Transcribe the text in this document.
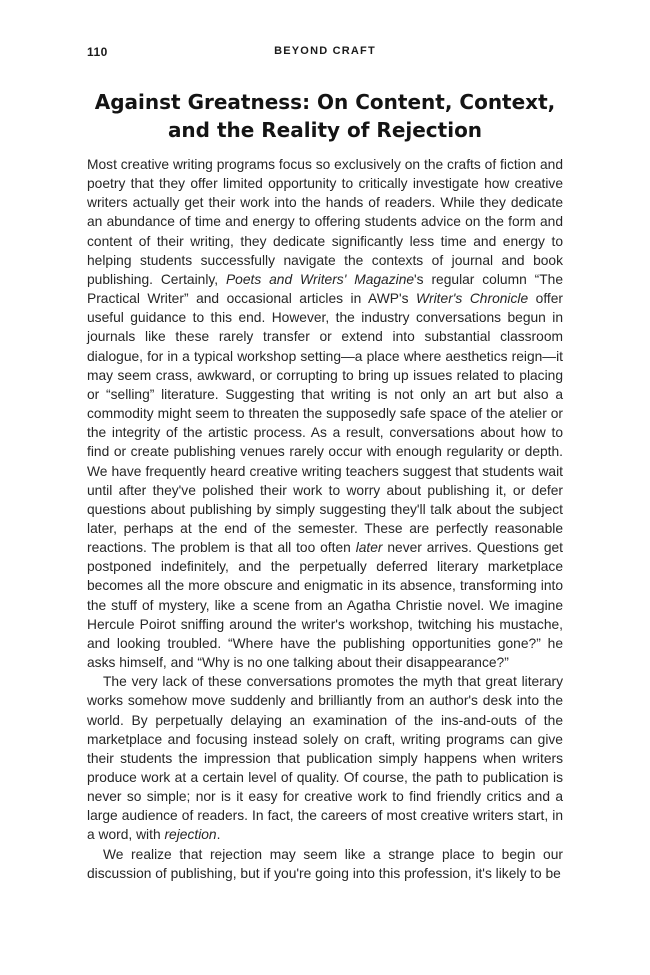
110	BEYOND CRAFT
Against Greatness: On Content, Context,
and the Reality of Rejection

Most creative writing programs focus so exclusively on the crafts of fiction and poetry that they offer limited opportunity to critically investigate how creative writers actually get their work into the hands of readers. While they dedicate an abundance of time and energy to offering students advice on the form and content of their writing, they dedicate significantly less time and energy to helping students successfully navigate the contexts of journal and book publishing. Certainly, Poets and Writers' Magazine's regular column “The Practical Writer” and occasional articles in AWP's Writer's Chronicle offer useful guidance to this end. However, the industry conversations begun in journals like these rarely transfer or extend into substantial classroom dialogue, for in a typical workshop setting—a place where aesthetics reign—it may seem crass, awkward, or corrupting to bring up issues related to placing or “selling” literature. Suggesting that writing is not only an art but also a commodity might seem to threaten the supposedly safe space of the atelier or the integrity of the artistic process. As a result, conversations about how to find or create publishing venues rarely occur with enough regularity or depth. We have frequently heard creative writing teachers suggest that students wait until after they've polished their work to worry about publishing it, or defer questions about publishing by simply suggesting they'll talk about the subject later, perhaps at the end of the semester. These are perfectly reasonable reactions. The problem is that all too often later never arrives. Questions get postponed indefinitely, and the perpetually deferred literary marketplace becomes all the more obscure and enigmatic in its absence, transforming into the stuff of mystery, like a scene from an Agatha Christie novel. We imagine Hercule Poirot sniffing around the writer's workshop, twitching his mustache, and looking troubled. “Where have the publishing opportunities gone?” he asks himself, and “Why is no one talking about their disappearance?”

The very lack of these conversations promotes the myth that great literary works somehow move suddenly and brilliantly from an author's desk into the world. By perpetually delaying an examination of the ins-and-outs of the marketplace and focusing instead solely on craft, writing programs can give their students the impression that publication simply happens when writers produce work at a certain level of quality. Of course, the path to publication is never so simple; nor is it easy for creative work to find friendly critics and a large audience of readers. In fact, the careers of most creative writers start, in a word, with rejection.

We realize that rejection may seem like a strange place to begin our discussion of publishing, but if you're going into this profession, it's likely to be
